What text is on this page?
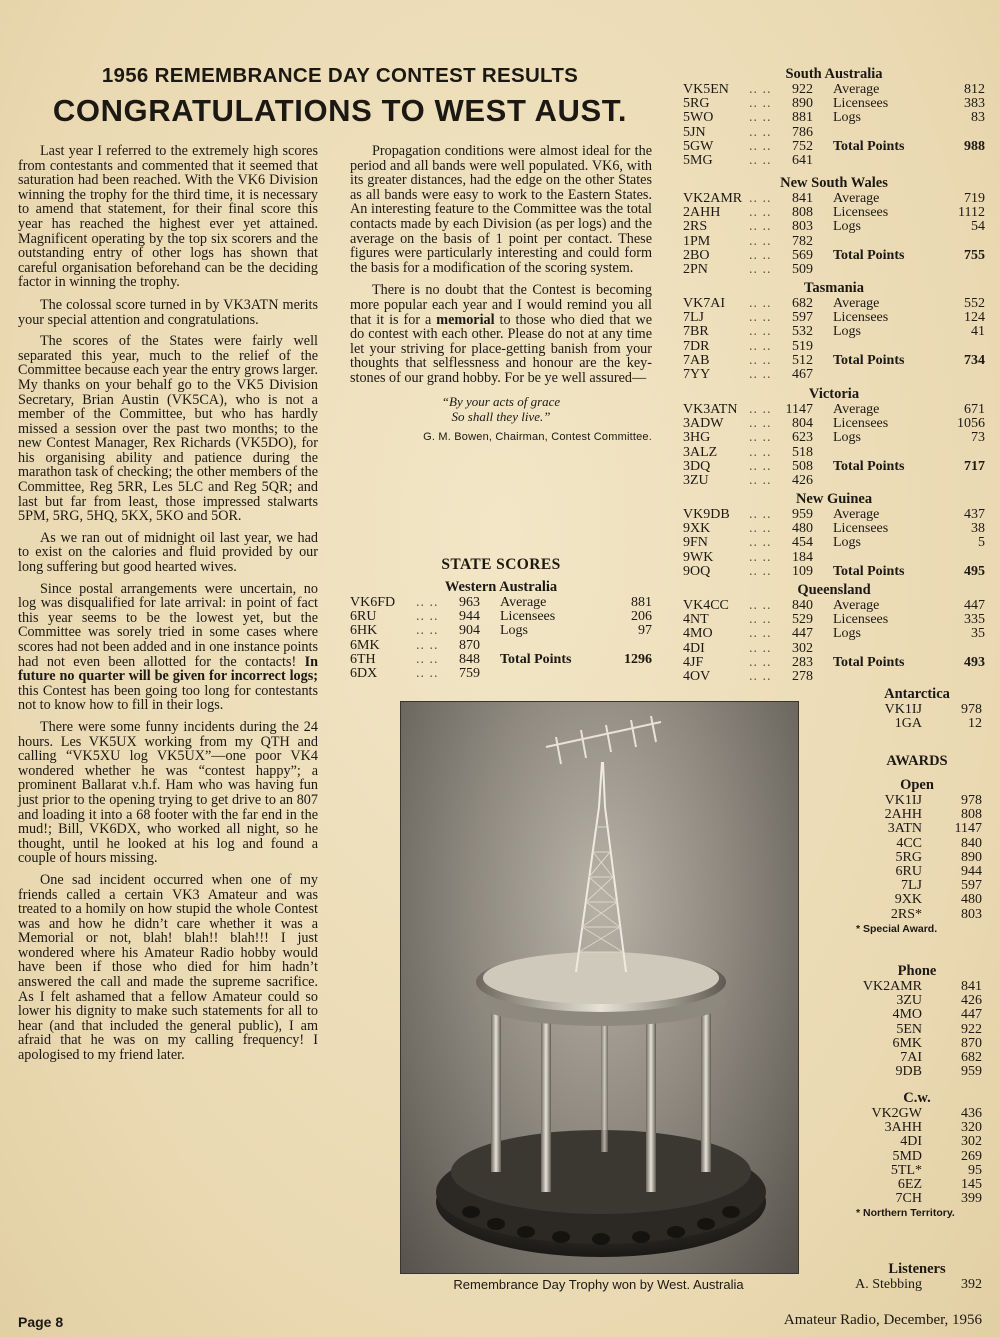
1956 REMEMBRANCE DAY CONTEST RESULTS
CONGRATULATIONS TO WEST AUST.

Last year I referred to the extremely high scores from contestants and commented that it seemed that saturation had been reached. With the VK6 Division winning the trophy for the third time, it is necessary to amend that statement, for their final score this year has reached the highest ever yet attained. Magnificent operating by the top six scorers and the outstanding entry of other logs has shown that careful organisation beforehand can be the deciding factor in winning the trophy.

The colossal score turned in by VK3ATN merits your special attention and congratulations.

The scores of the States were fairly well separated this year, much to the relief of the Committee because each year the entry grows larger. My thanks on your behalf go to the VK5 Division Secretary, Brian Austin (VK5CA), who is not a member of the Committee, but who has hardly missed a session over the past two months; to the new Contest Manager, Rex Richards (VK5DO), for his organising ability and patience during the marathon task of checking; the other members of the Committee, Reg 5RR, Les 5LC and Reg 5QR; and last but far from least, those impressed stalwarts 5PM, 5RG, 5HQ, 5KX, 5KO and 5OR.

As we ran out of midnight oil last year, we had to exist on the calories and fluid provided by our long suffering but good hearted wives.

Since postal arrangements were uncertain, no log was disqualified for late arrival: in point of fact this year seems to be the lowest yet, but the Committee was sorely tried in some cases where scores had not been added and in one instance points had not even been allotted for the contacts! In future no quarter will be given for incorrect logs; this Contest has been going too long for contestants not to know how to fill in their logs.

There were some funny incidents during the 24 hours. Les VK5UX working from my QTH and calling “VK5XU log VK5UX”—one poor VK4 wondered whether he was “contest happy”; a prominent Ballarat v.h.f. Ham who was having fun just prior to the opening trying to get drive to an 807 and loading it into a 68 footer with the far end in the mud!; Bill, VK6DX, who worked all night, so he thought, until he looked at his log and found a couple of hours missing.

One sad incident occurred when one of my friends called a certain VK3 Amateur and was treated to a homily on how stupid the whole Contest was and how he didn’t care whether it was a Memorial or not, blah! blah!! blah!!! I just wondered where his Amateur Radio hobby would have been if those who died for him hadn’t answered the call and made the supreme sacrifice. As I felt ashamed that a fellow Amateur could so lower his dignity to make such statements for all to hear (and that included the general public), I am afraid that he was on my calling frequency! I apologised to my friend later.

Propagation conditions were almost ideal for the period and all bands were well populated. VK6, with its greater distances, had the edge on the other States as all bands were easy to work to the Eastern States. An interesting feature to the Committee was the total contacts made by each Division (as per logs) and the average on the basis of 1 point per contact. These figures were particularly interesting and could form the basis for a modification of the scoring system.

There is no doubt that the Contest is becoming more popular each year and I would remind you all that it is for a memorial to those who died that we do contest with each other. Please do not at any time let your striving for place-getting banish from your thoughts that selflessness and honour are the key-stones of our grand hobby. For be ye well assured—

“By your acts of grace
So shall they live.”
G. M. Bowen, Chairman, Contest Committee.
STATE SCORES
Western Australia
VK6FD .. .. 963
6RU	.. .. 944
6HK	.. .. 904
6MK	.. .. 870
6TH	.. .. 848
6DX	.. .. 759
Average	881
Licensees	206
Logs	97
Total Points	1296
South Australia
VK5EN .. .. 922
5RG	.. .. 890
5WO	.. .. 881
5JN	.. .. 786
5GW	.. .. 752
5MG	.. .. 641
Average	812
Licensees	383
Logs	83
Total Points	988
New South Wales
VK2AMR .. .. 841
2AHH .. .. 808
2RS	.. .. 803
1PM	.. .. 782
2BO	.. .. 569
2PN	.. .. 509
Average	719
Licensees	1112
Logs	54
Total Points	755
Tasmania
VK7AI .. .. 682
7LJ	.. .. 597
7BR	.. .. 532
7DR	.. .. 519
7AB	.. .. 512
7YY	.. .. 467
Average	552
Licensees	124
Logs	41
Total Points	734
Victoria
VK3ATN .. .. 1147
3ADW .. .. 804
3HG	.. .. 623
3ALZ .. .. 518
3DQ	.. .. 508
3ZU	.. .. 426
Average	671
Licensees	1056
Logs	73
Total Points	717
New Guinea
VK9DB .. .. 959
9XK	.. .. 480
9FN	.. .. 454
9WK	.. .. 184
9OQ	.. .. 109
Average	437
Licensees	38
Logs	5
Total Points	495
Queensland
VK4CC .. .. 840
4NT	.. .. 529
4MO	.. .. 447
4DI	.. .. 302
4JF	.. .. 283
4OV	.. .. 278
Average	447
Licensees	335
Logs	35
Total Points	493
Antarctica
VK1IJ	978
1GA	12
AWARDS
Open
VK1IJ	978
2AHH	808
3ATN 1147
4CC	840
5RG	890
6RU	944
7LJ	597
9XK	480
2RS*	803
* Special Award.
Phone
VK2AMR	841
3ZU	426
4MO	447
5EN	922
6MK	870
7AI	682
9DB	959
C.w.
VK2GW	436
3AHH	320
4DI	302
5MD	269
5TL*	95
6EZ	145
7CH	399
* Northern Territory.
Listeners
A. Stebbing	392
Remembrance Day Trophy won by West. Australia
Page 8	Amateur Radio, December, 1956
